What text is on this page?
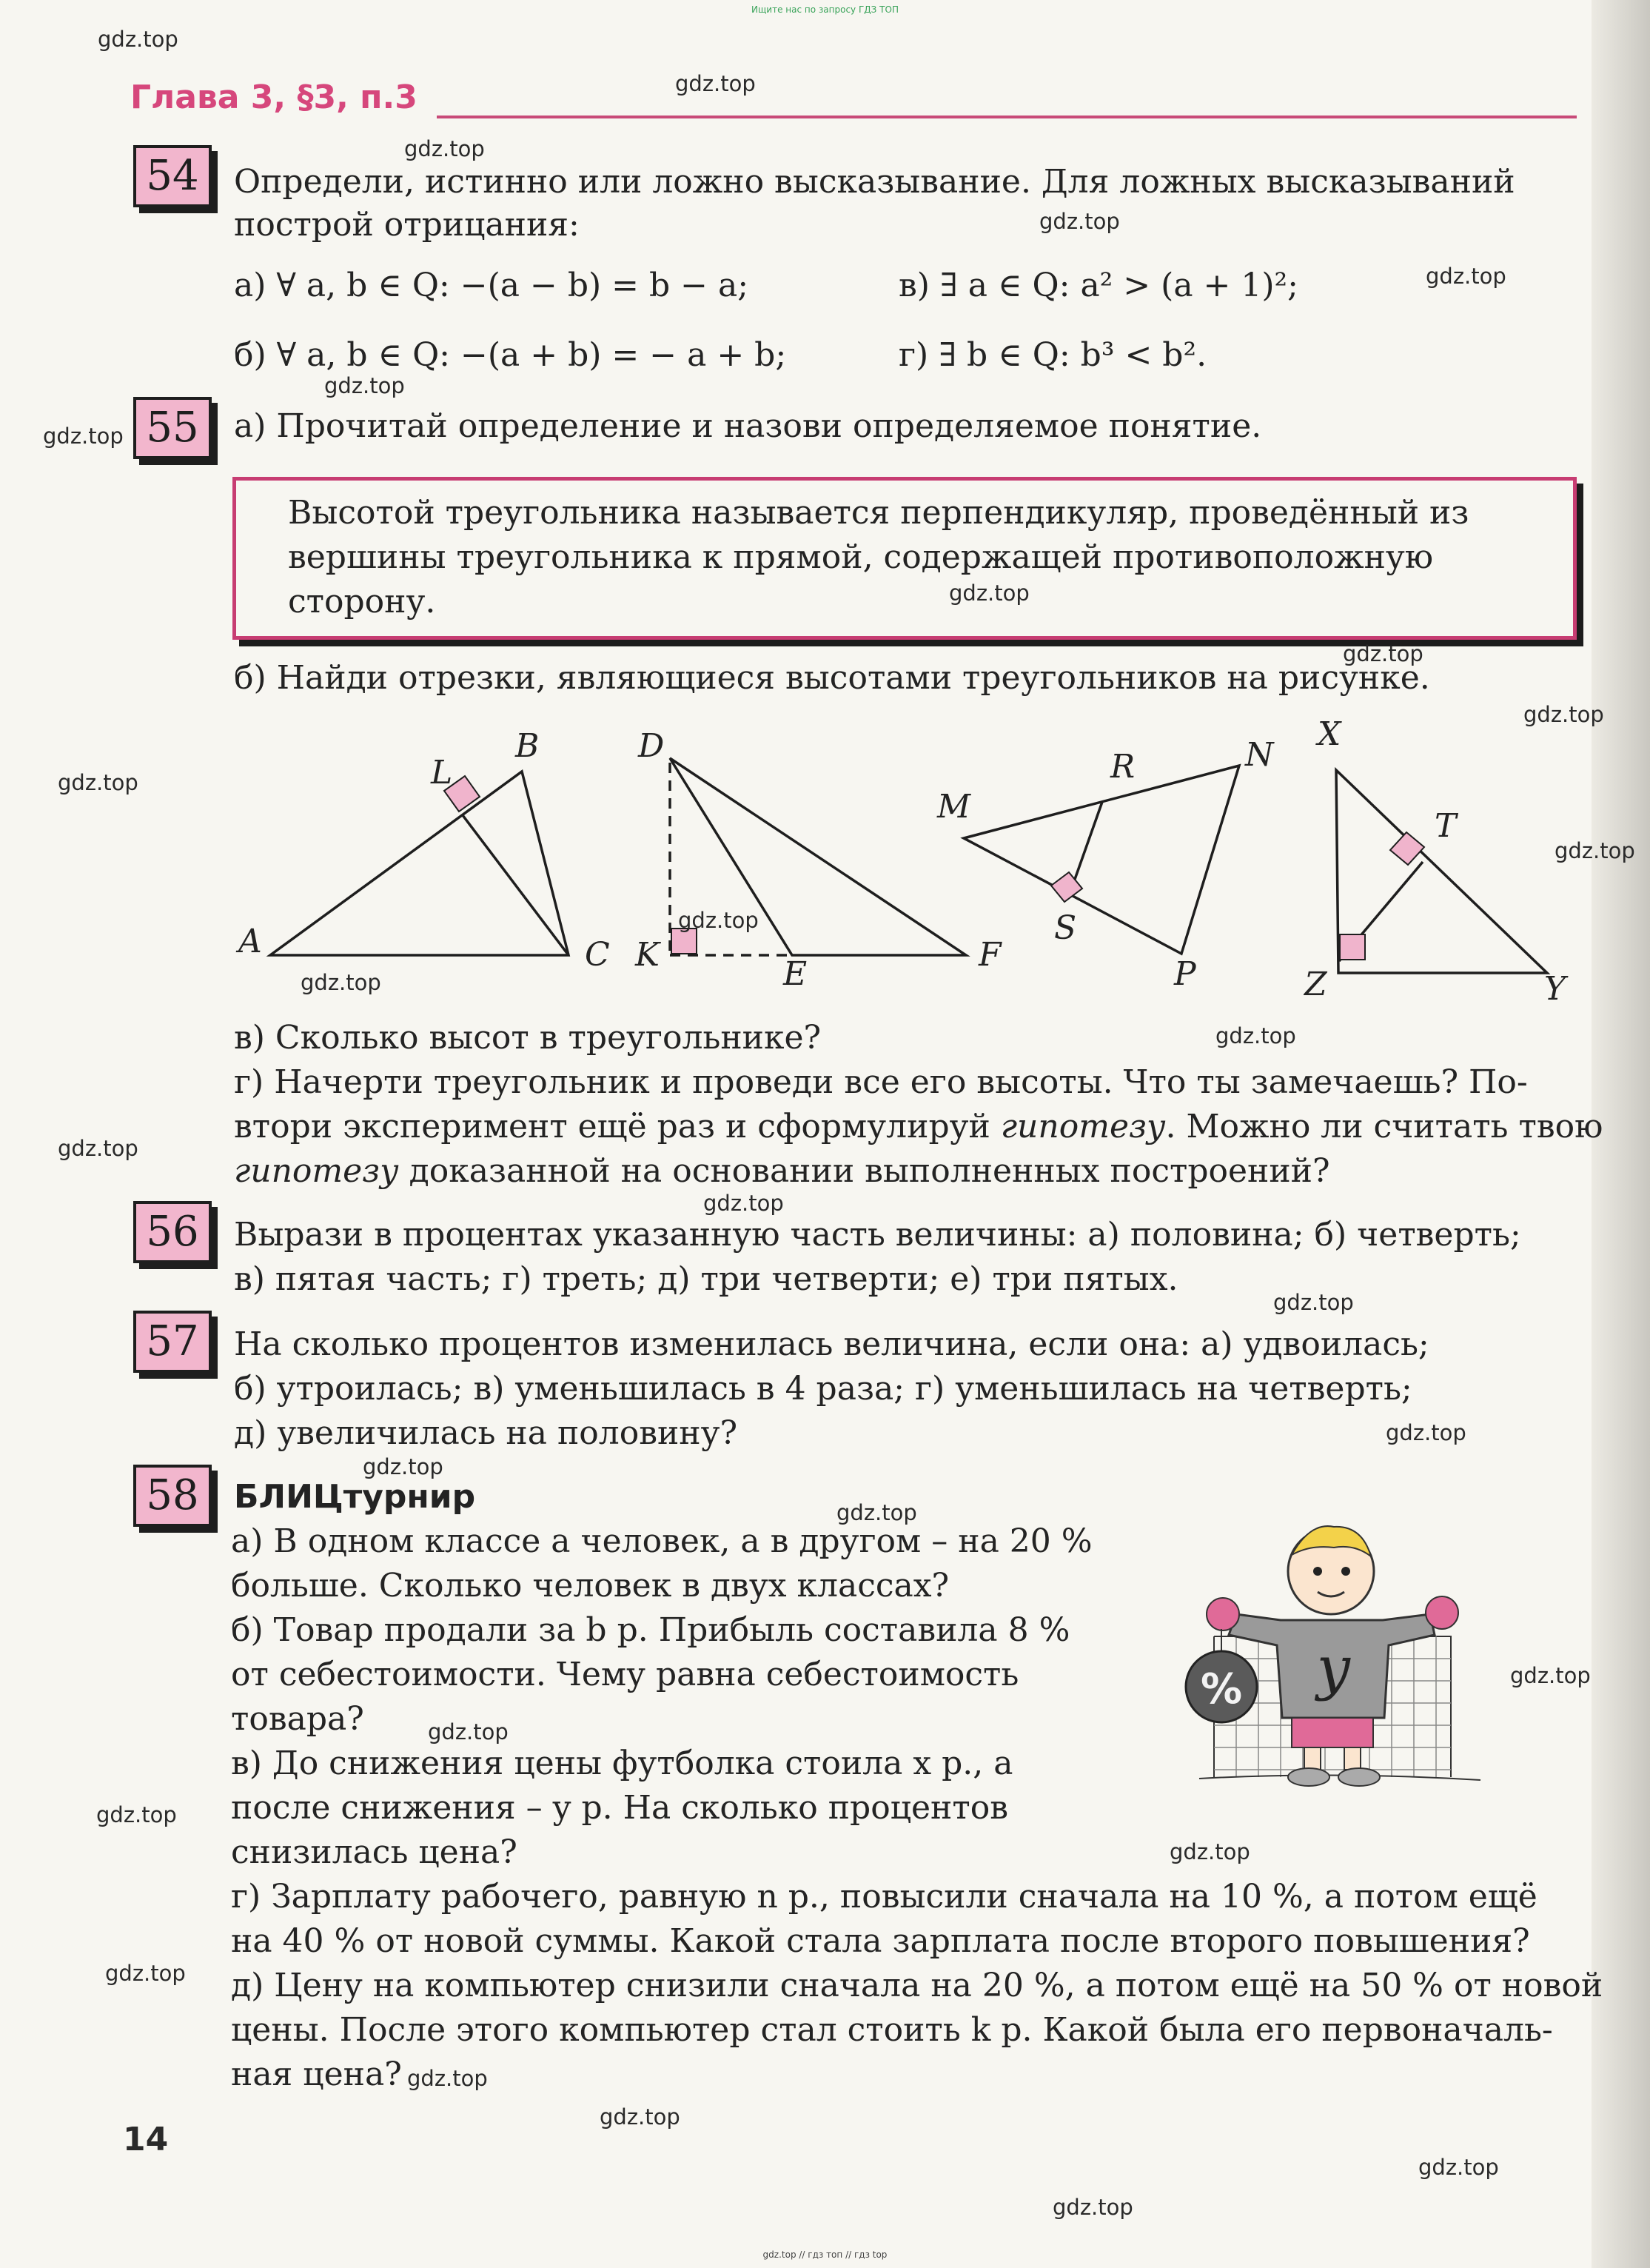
Ищите нас по запросу ГДЗ ТОП
Глава 3, §3, п.3
54	Определи, истинно или ложно высказывание. Для ложных высказываний
построй отрицания:
а) ∀ a, b ∈ Q: −(a − b) = b − a;	в) ∃ a ∈ Q: a² > (a + 1)²;
б) ∀ a, b ∈ Q: −(a + b) = − a + b;	г) ∃ b ∈ Q: b³ < b².
55	а) Прочитай определение и назови определяемое понятие.
Высотой треугольника называется перпендикуляр, проведённый из вершины треугольника к прямой, содержащей противоположную сторону.
б) Найди отрезки, являющиеся высотами треугольников на рисунке.
A
B
C
L
D
K
E
F
M
R	N
S
P
X
T
Z	Y
в) Сколько высот в треугольнике?
г) Начерти треугольник и проведи все его высоты. Что ты замечаешь? По-
втори эксперимент ещё раз и сформулируй гипотезу. Можно ли считать твою
гипотезу доказанной на основании выполненных построений?
56	Вырази в процентах указанную часть величины: а) половина; б) четверть;
в) пятая часть; г) треть; д) три четверти; е) три пятых.
57	На сколько процентов изменилась величина, если она: а) удвоилась;
б) утроилась; в) уменьшилась в 4 раза; г) уменьшилась на четверть;
д) увеличилась на половину?
58	БЛИЦтурнир
а) В одном классе a человек, а в другом – на 20 %
больше. Сколько человек в двух классах?
б) Товар продали за b р. Прибыль составила 8 %
от себестоимости. Чему равна себестоимость
товара?
в) До снижения цены футболка стоила x р., а
после снижения – y р. На сколько процентов
снизилась цена?
г) Зарплату рабочего, равную n р., повысили сначала на 10 %, а потом ещё
на 40 % от новой суммы. Какой стала зарплата после второго повышения?
д) Цену на компьютер снизили сначала на 20 %, а потом ещё на 50 % от новой
цены. После этого компьютер стал стоить k р. Какой была его первоначаль-
ная цена?
у
%
14
gdz.top
gdz.top
gdz.top
gdz.top
gdz.top
gdz.top
gdz.top
gdz.top
gdz.top
gdz.top
gdz.top
gdz.top
gdz.top
gdz.top
gdz.top
gdz.top
gdz.top
gdz.top
gdz.top
gdz.top
gdz.top
gdz.top
gdz.top
gdz.top
gdz.top
gdz.top
gdz.top
gdz.top
gdz.top
gdz.top
gdz.top // гдз топ // гдз top
